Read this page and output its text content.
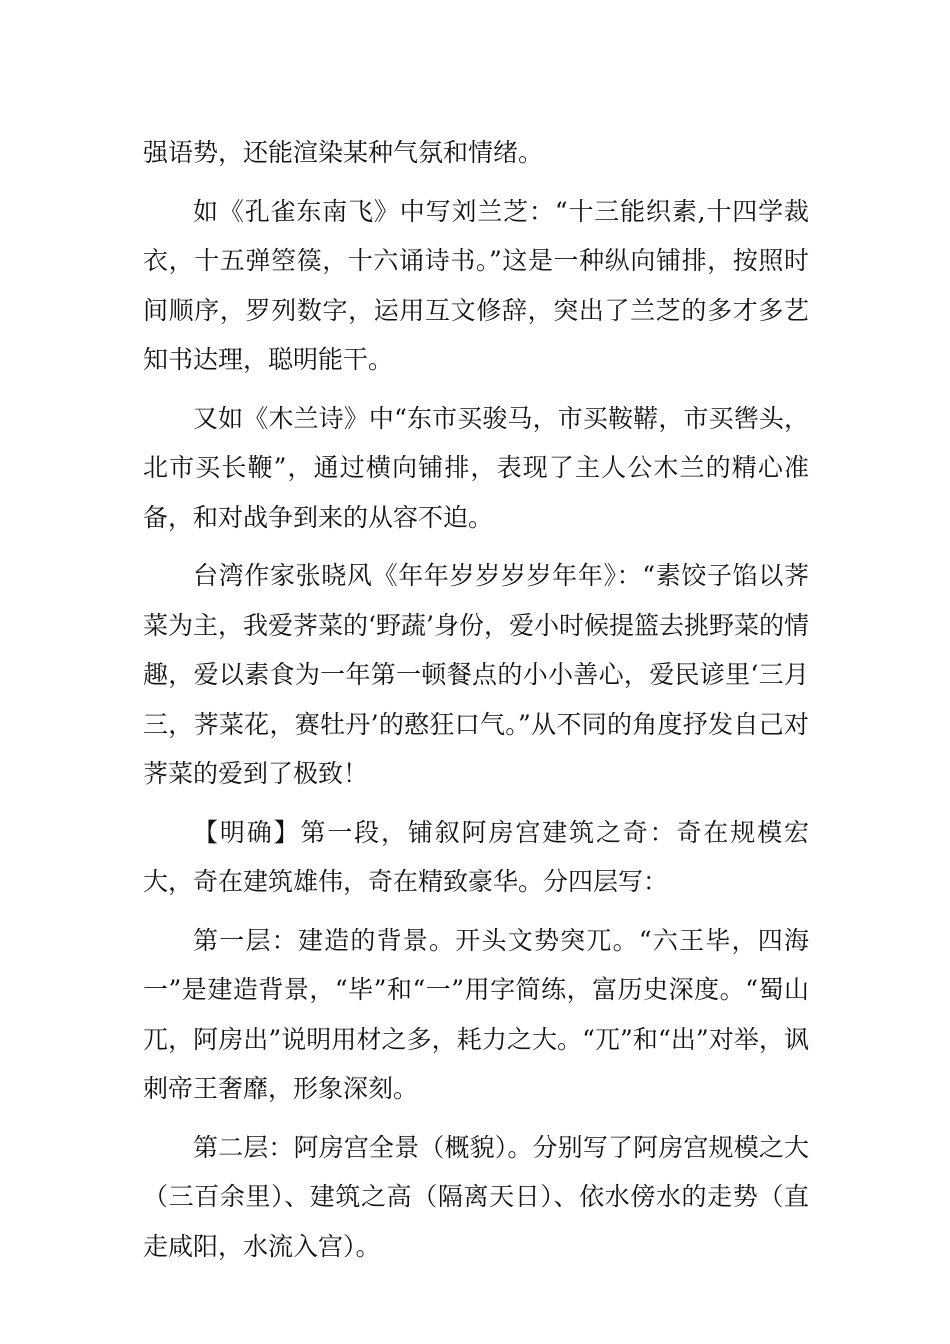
强语势，还能渲染某种气氛和情绪。

如《孔雀东南飞》中写刘兰芝：“十三能织素,十四学裁衣，十五弹箜篌，十六诵诗书。”这是一种纵向铺排，按照时间顺序，罗列数字，运用互文修辞，突出了兰芝的多才多艺知书达理，聪明能干。

又如《木兰诗》中“东市买骏马，市买鞍鞯，市买辔头，北市买长鞭”，通过横向铺排，表现了主人公木兰的精心准备，和对战争到来的从容不迫。

台湾作家张晓风《年年岁岁岁岁年年》：“素饺子馅以荠菜为主，我爱荠菜的‘野蔬’身份，爱小时候提篮去挑野菜的情趣，爱以素食为一年第一顿餐点的小小善心，爱民谚里‘三月三，荠菜花，赛牡丹’的憨狂口气。”从不同的角度抒发自己对荠菜的爱到了极致！

【明确】第一段，铺叙阿房宫建筑之奇：奇在规模宏大，奇在建筑雄伟，奇在精致豪华。分四层写：

第一层：建造的背景。开头文势突兀。“六王毕，四海一”是建造背景，“毕”和“一”用字简练，富历史深度。“蜀山兀，阿房出”说明用材之多，耗力之大。“兀”和“出”对举，讽刺帝王奢靡，形象深刻。

第二层：阿房宫全景（概貌）。分别写了阿房宫规模之大（三百余里）、建筑之高（隔离天日）、依水傍水的走势（直走咸阳，水流入宫）。
